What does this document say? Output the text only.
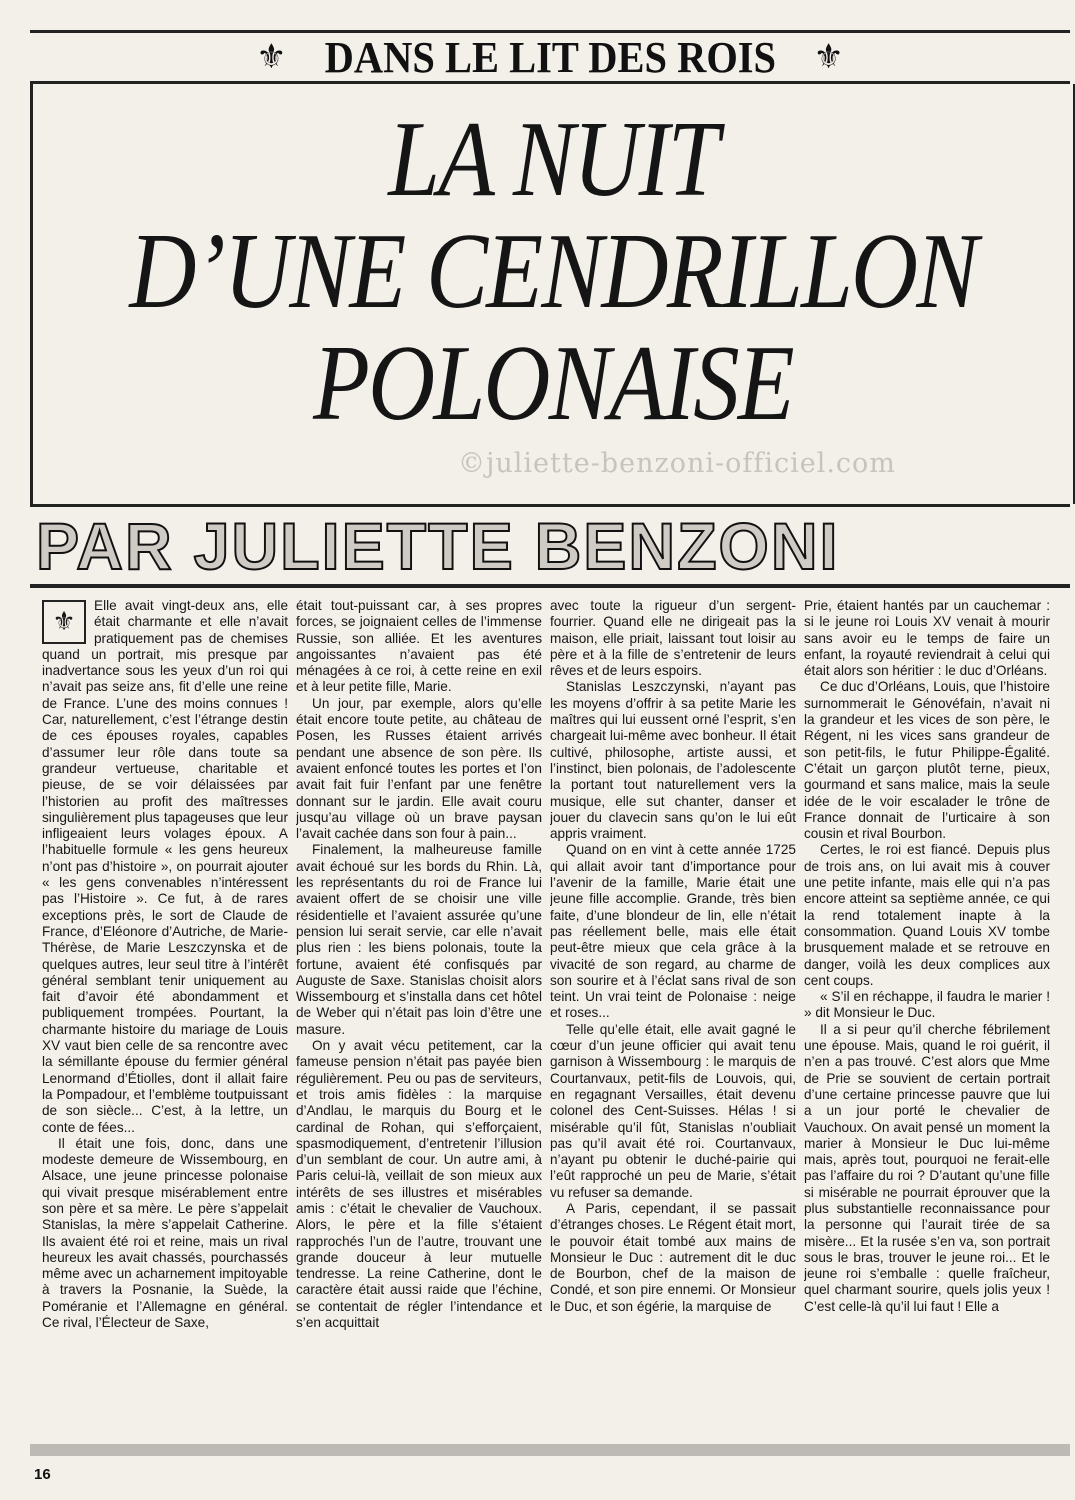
⚜ DANS LE LIT DES ROIS ⚜
LA NUIT
D’UNE CENDRILLON
POLONAISE
©juliette-benzoni-officiel.com
PAR JULIETTE BENZONI
⚜

Elle avait vingt-deux ans, elle était charmante et elle n’avait pratiquement pas de chemises quand un portrait, mis presque par inadvertance sous les yeux d’un roi qui n’avait pas seize ans, fit d’elle une reine de France. L’une des moins connues ! Car, naturellement, c’est l’étrange destin de ces épouses royales, capables d’assumer leur rôle dans toute sa grandeur vertueuse, charitable et pieuse, de se voir délaissées par l’historien au profit des maîtresses singulièrement plus tapageuses que leur infligeaient leurs volages époux. A l’habituelle formule « les gens heureux n’ont pas d’histoire », on pourrait ajouter « les gens convenables n’intéressent pas l’Histoire ». Ce fut, à de rares exceptions près, le sort de Claude de France, d’Eléonore d’Autriche, de Marie-Thérèse, de Marie Leszczynska et de quelques autres, leur seul titre à l’intérêt général semblant tenir uniquement au fait d’avoir été abondamment et publiquement trompées. Pourtant, la charmante histoire du mariage de Louis XV vaut bien celle de sa rencontre avec la sémillante épouse du fermier général Lenormand d’Étiolles, dont il allait faire la Pompadour, et l’emblème toutpuissant de son siècle... C’est, à la lettre, un conte de fées...

Il était une fois, donc, dans une modeste demeure de Wissembourg, en Alsace, une jeune princesse polonaise qui vivait presque misérablement entre son père et sa mère. Le père s’appelait Stanislas, la mère s’appelait Catherine. Ils avaient été roi et reine, mais un rival heureux les avait chassés, pourchassés même avec un acharnement impitoyable à travers la Posnanie, la Suède, la Poméranie et l’Allemagne en général. Ce rival, l’Électeur de Saxe,

était tout-puissant car, à ses propres forces, se joignaient celles de l’immense Russie, son alliée. Et les aventures angoissantes n’avaient pas été ménagées à ce roi, à cette reine en exil et à leur petite fille, Marie.

Un jour, par exemple, alors qu’elle était encore toute petite, au château de Posen, les Russes étaient arrivés pendant une absence de son père. Ils avaient enfoncé toutes les portes et l’on avait fait fuir l’enfant par une fenêtre donnant sur le jardin. Elle avait couru jusqu’au village où un brave paysan l’avait cachée dans son four à pain...

Finalement, la malheureuse famille avait échoué sur les bords du Rhin. Là, les représentants du roi de France lui avaient offert de se choisir une ville résidentielle et l’avaient assurée qu’une pension lui serait servie, car elle n’avait plus rien : les biens polonais, toute la fortune, avaient été confisqués par Auguste de Saxe. Stanislas choisit alors Wissembourg et s’installa dans cet hôtel de Weber qui n’était pas loin d’être une masure.

On y avait vécu petitement, car la fameuse pension n’était pas payée bien régulièrement. Peu ou pas de serviteurs, et trois amis fidèles : la marquise d’Andlau, le marquis du Bourg et le cardinal de Rohan, qui s’efforçaient, spasmodiquement, d’entretenir l’illusion d’un semblant de cour. Un autre ami, à Paris celui-là, veillait de son mieux aux intérêts de ses illustres et misérables amis : c’était le chevalier de Vauchoux. Alors, le père et la fille s’étaient rapprochés l’un de l’autre, trouvant une grande douceur à leur mutuelle tendresse. La reine Catherine, dont le caractère était aussi raide que l’échine, se contentait de régler l’intendance et s’en acquittait

avec toute la rigueur d’un sergent-fourrier. Quand elle ne dirigeait pas la maison, elle priait, laissant tout loisir au père et à la fille de s’entretenir de leurs rêves et de leurs espoirs.

Stanislas Leszczynski, n’ayant pas les moyens d’offrir à sa petite Marie les maîtres qui lui eussent orné l’esprit, s’en chargeait lui-même avec bonheur. Il était cultivé, philosophe, artiste aussi, et l’instinct, bien polonais, de l’adolescente la portant tout naturellement vers la musique, elle sut chanter, danser et jouer du clavecin sans qu’on le lui eût appris vraiment.

Quand on en vint à cette année 1725 qui allait avoir tant d’importance pour l’avenir de la famille, Marie était une jeune fille accomplie. Grande, très bien faite, d’une blondeur de lin, elle n’était pas réellement belle, mais elle était peut-être mieux que cela grâce à la vivacité de son regard, au charme de son sourire et à l’éclat sans rival de son teint. Un vrai teint de Polonaise : neige et roses...

Telle qu’elle était, elle avait gagné le cœur d’un jeune officier qui avait tenu garnison à Wissembourg : le marquis de Courtanvaux, petit-fils de Louvois, qui, en regagnant Versailles, était devenu colonel des Cent-Suisses. Hélas ! si misérable qu’il fût, Stanislas n’oubliait pas qu’il avait été roi. Courtanvaux, n’ayant pu obtenir le duché-pairie qui l’eût rapproché un peu de Marie, s’était vu refuser sa demande.

A Paris, cependant, il se passait d’étranges choses. Le Régent était mort, le pouvoir était tombé aux mains de Monsieur le Duc : autrement dit le duc de Bourbon, chef de la maison de Condé, et son pire ennemi. Or Monsieur le Duc, et son égérie, la marquise de

Prie, étaient hantés par un cauchemar : si le jeune roi Louis XV venait à mourir sans avoir eu le temps de faire un enfant, la royauté reviendrait à celui qui était alors son héritier : le duc d’Orléans.

Ce duc d’Orléans, Louis, que l’histoire surnommerait le Génovéfain, n’avait ni la grandeur et les vices de son père, le Régent, ni les vices sans grandeur de son petit-fils, le futur Philippe-Égalité. C’était un garçon plutôt terne, pieux, gourmand et sans malice, mais la seule idée de le voir escalader le trône de France donnait de l’urticaire à son cousin et rival Bourbon.

Certes, le roi est fiancé. Depuis plus de trois ans, on lui avait mis à couver une petite infante, mais elle qui n’a pas encore atteint sa septième année, ce qui la rend totalement inapte à la consommation. Quand Louis XV tombe brusquement malade et se retrouve en danger, voilà les deux complices aux cent coups.

« S’il en réchappe, il faudra le marier ! » dit Monsieur le Duc.

Il a si peur qu’il cherche fébrilement une épouse. Mais, quand le roi guérit, il n’en a pas trouvé. C’est alors que Mme de Prie se souvient de certain portrait d’une certaine princesse pauvre que lui a un jour porté le chevalier de Vauchoux. On avait pensé un moment la marier à Monsieur le Duc lui-même mais, après tout, pourquoi ne ferait-elle pas l’affaire du roi ? D’autant qu’une fille si misérable ne pourrait éprouver que la plus substantielle reconnaissance pour la personne qui l’aurait tirée de sa misère... Et la rusée s’en va, son portrait sous le bras, trouver le jeune roi... Et le jeune roi s’emballe : quelle fraîcheur, quel charmant sourire, quels jolis yeux ! C’est celle-là qu’il lui faut ! Elle a

16
